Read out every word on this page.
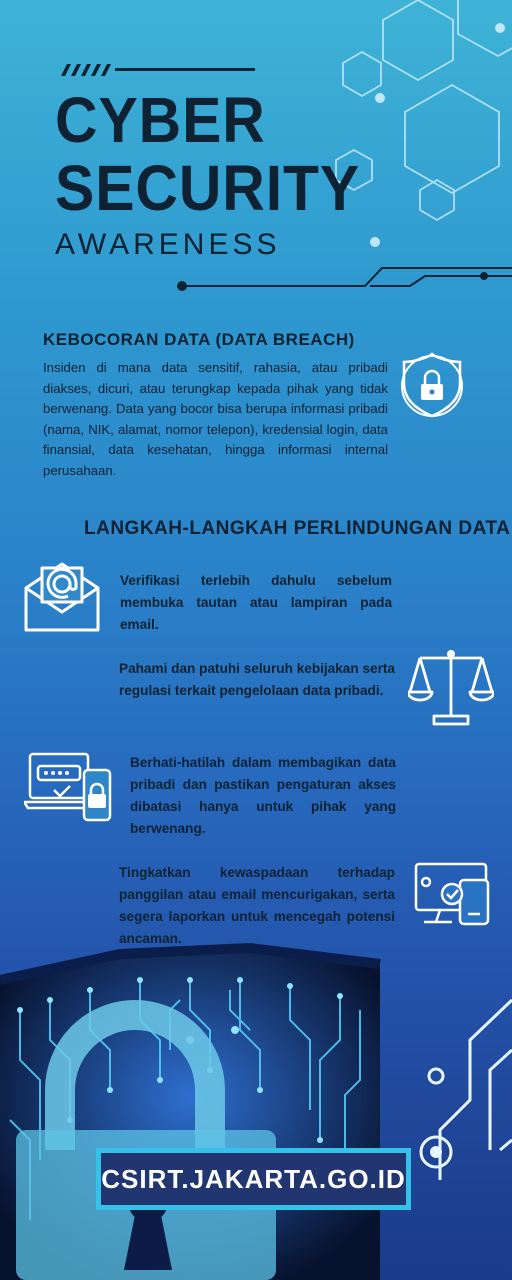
CYBER
SECURITY
AWARENESS
KEBOCORAN DATA (DATA BREACH)
Insiden di mana data sensitif, rahasia, atau pribadi diakses, dicuri, atau terungkap kepada pihak yang tidak berwenang. Data yang bocor bisa berupa informasi pribadi (nama, NIK, alamat, nomor telepon), kredensial login, data finansial, data kesehatan, hingga informasi internal perusahaan.
LANGKAH-LANGKAH PERLINDUNGAN DATA
Verifikasi terlebih dahulu sebelum membuka tautan atau lampiran pada email.
Pahami dan patuhi seluruh kebijakan serta regulasi terkait pengelolaan data pribadi.
Berhati-hatilah dalam membagikan data pribadi dan pastikan pengaturan akses dibatasi hanya untuk pihak yang berwenang.
Tingkatkan kewaspadaan terhadap panggilan atau email mencurigakan, serta segera laporkan untuk mencegah potensi ancaman.
CSIRT.JAKARTA.GO.ID
